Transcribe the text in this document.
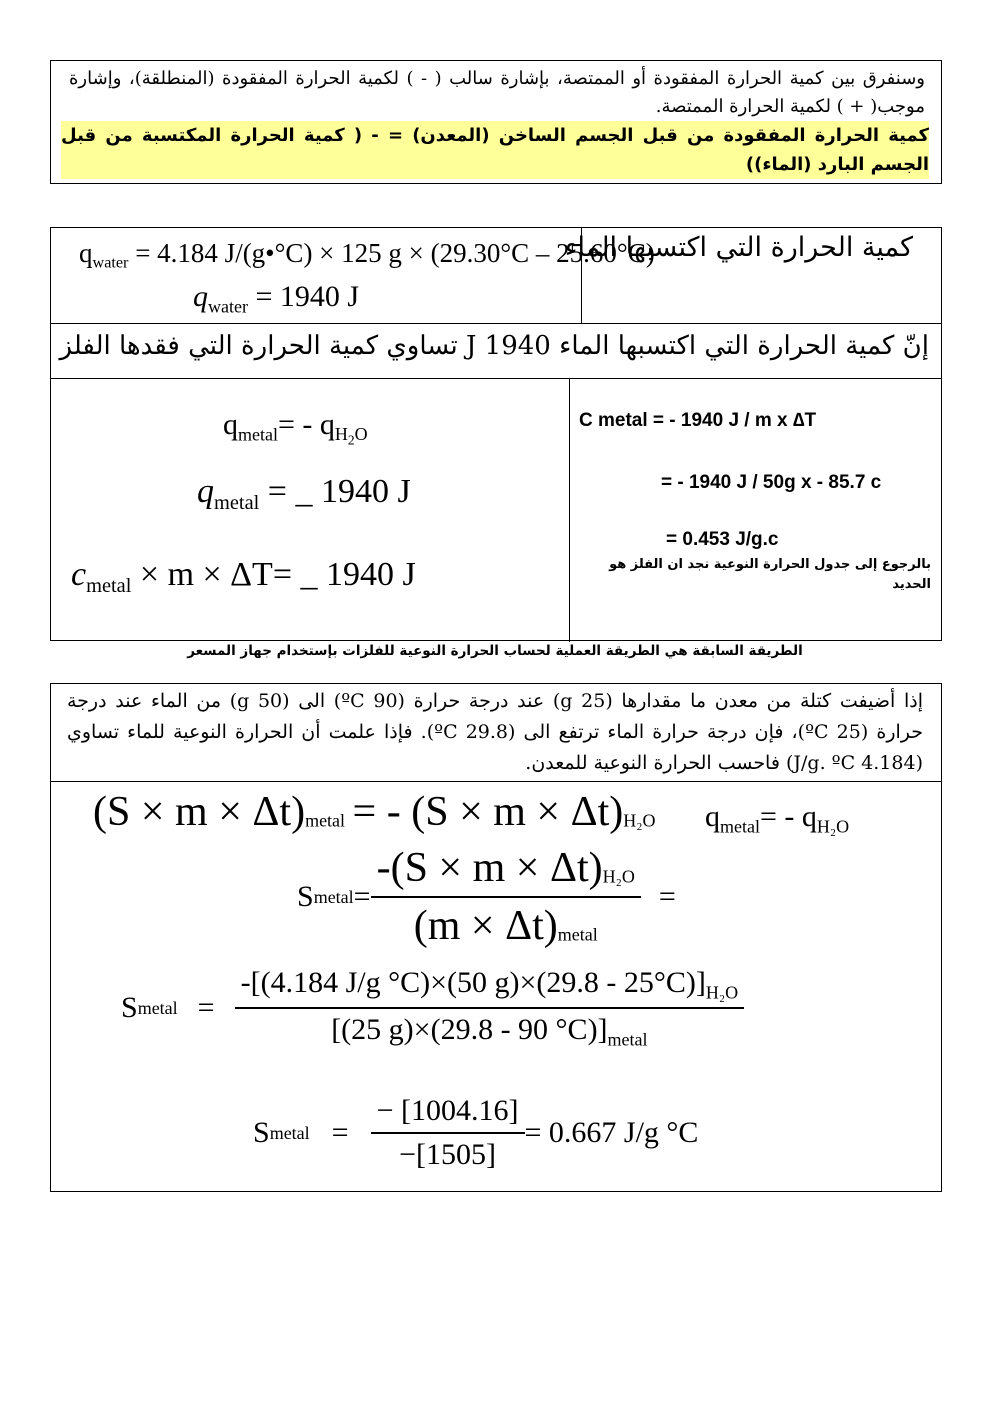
وسنفرق بين كمية الحرارة المفقودة أو الممتصة، بإشارة سالب ( - ) لكمية الحرارة المفقودة (المنطلقة)، وإشارة موجب( + ) لكمية الحرارة الممتصة.
كمية الحرارة المفقودة من قبل الجسم الساخن (المعدن) = - ( كمية الحرارة المكتسبة من قبل الجسم البارد (الماء))
كمية الحرارة التي اكتسبها الماء
$q_{water} = 4.184$ J/(g•°C) × 125 g × (29.30°C – 25.60°C)
$q_{water} = 1940$ J
إنّ كمية الحرارة التي اكتسبها الماء 1940 J تساوي كمية الحرارة التي فقدها الفلز
$q_{metal}= - q_{H_2O}$
$q_{metal}$ = _ 1940 J
$c_{metal} \times m \times \Delta T=$ _ 1940 J
C metal = - 1940 J / m x ∆T
= - 1940 J / 50g x - 85.7 c
= 0.453 J/g.c
بالرجوع إلى جدول الحرارة النوعية نجد ان الفلز هو الحديد
الطريقة السابقة هي الطريقة العملية لحساب الحرارة النوعية للفلزات بإستخدام جهاز المسعر
إذا أضيفت كتلة من معدن ما مقدارها (25 g) عند درجة حرارة (90 ºC) الى (50 g) من الماء عند درجة حرارة (25 ºC)، فإن درجة حرارة الماء ترتفع الى (29.8 ºC). فإذا علمت أن الحرارة النوعية للماء تساوي (4.184 J/g. ºC) فاحسب الحرارة النوعية للمعدن.
$(S \times m \times \Delta t)_{metal}$ = - $(S \times m \times \Delta t)_{H_2O}$ $q_{metal}= - q_{H_2O}$
S metal = $\frac{-(S \times m \times \Delta t)_{H_2O}}{(m \times \Delta t)_{metal}}$ =
S metal = $\frac{-[(4.184 J/g ^\circ C)\times(50 g)\times(29.8 - 25^\circ C)]_{H_2O}}{[(25 g)\times(29.8 - 90 ^\circ C)]_{metal}}$
S metal = $\frac{- [1004.16]}{-[1505]} = 0.667$ J/g °C
